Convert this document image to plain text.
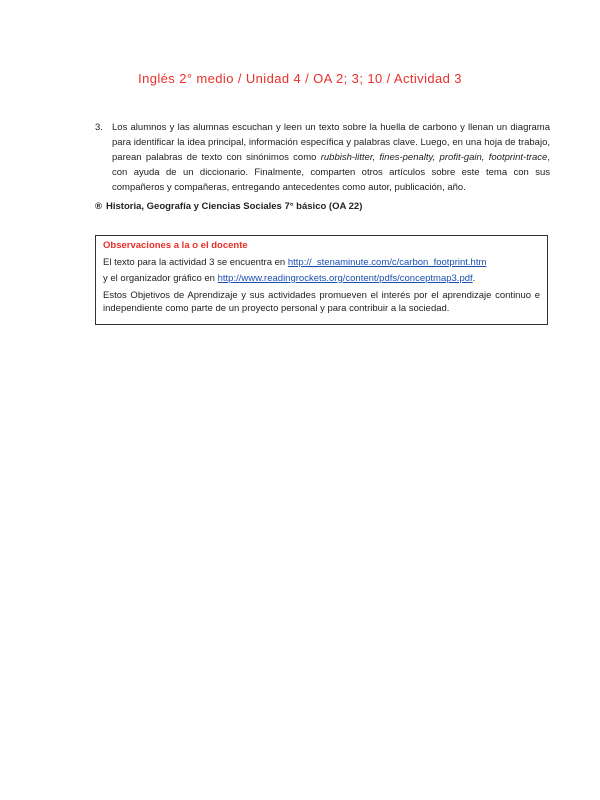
Inglés 2° medio / Unidad 4 / OA 2; 3; 10 / Actividad 3
3. Los alumnos y las alumnas escuchan y leen un texto sobre la huella de carbono y llenan un diagrama para identificar la idea principal, información específica y palabras clave. Luego, en una hoja de trabajo, parean palabras de texto con sinónimos como rubbish-litter, fines-penalty, profit-gain, footprint-trace, con ayuda de un diccionario. Finalmente, comparten otros artículos sobre este tema con sus compañeros y compañeras, entregando antecedentes como autor, publicación, año.
® Historia, Geografía y Ciencias Sociales 7° básico (OA 22)
Observaciones a la o el docente
El texto para la actividad 3 se encuentra en http://_stenaminute.com/c/carbon_footprint.htm
y el organizador gráfico en http://www.readingrockets.org/content/pdfs/conceptmap3.pdf.
Estos Objetivos de Aprendizaje y sus actividades promueven el interés por el aprendizaje continuo e independiente como parte de un proyecto personal y para contribuir a la sociedad.
